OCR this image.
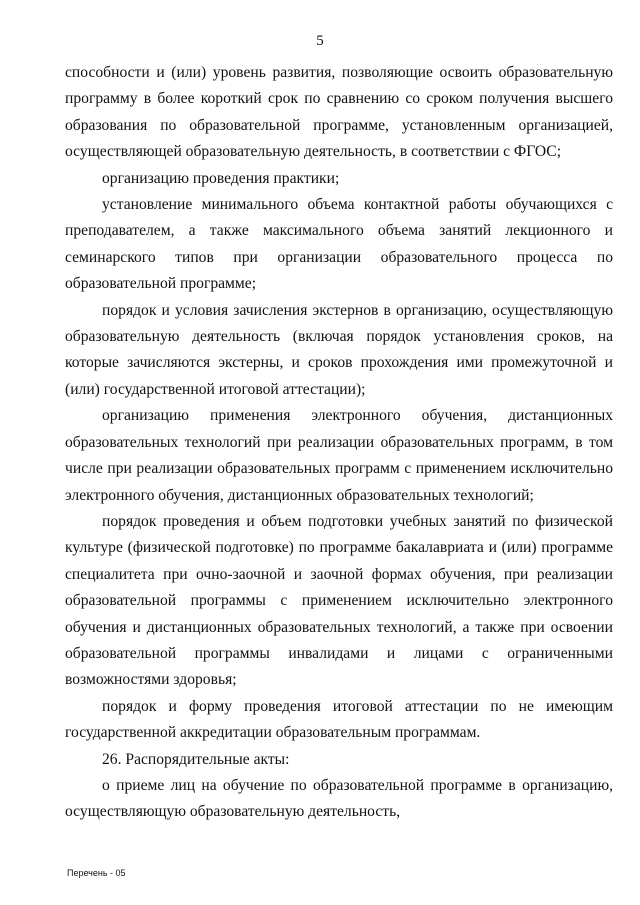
5

способности и (или) уровень развития, позволяющие освоить образовательную программу в более короткий срок по сравнению со сроком получения высшего образования по образовательной программе, установленным организацией, осуществляющей образовательную деятельность, в соответствии с ФГОС;

организацию проведения практики;

установление минимального объема контактной работы обучающихся с преподавателем, а также максимального объема занятий лекционного и семинарского типов при организации образовательного процесса по образовательной программе;

порядок и условия зачисления экстернов в организацию, осуществляющую образовательную деятельность (включая порядок установления сроков, на которые зачисляются экстерны, и сроков прохождения ими промежуточной и (или) государственной итоговой аттестации);

организацию применения электронного обучения, дистанционных образовательных технологий при реализации образовательных программ, в том числе при реализации образовательных программ с применением исключительно электронного обучения, дистанционных образовательных технологий;

порядок проведения и объем подготовки учебных занятий по физической культуре (физической подготовке) по программе бакалавриата и (или) программе специалитета при очно-заочной и заочной формах обучения, при реализации образовательной программы с применением исключительно электронного обучения и дистанционных образовательных технологий, а также при освоении образовательной программы инвалидами и лицами с ограниченными возможностями здоровья;

порядок и форму проведения итоговой аттестации по не имеющим государственной аккредитации образовательным программам.

26. Распорядительные акты:

о приеме лиц на обучение по образовательной программе в организацию, осуществляющую образовательную деятельность,

Перечень - 05
